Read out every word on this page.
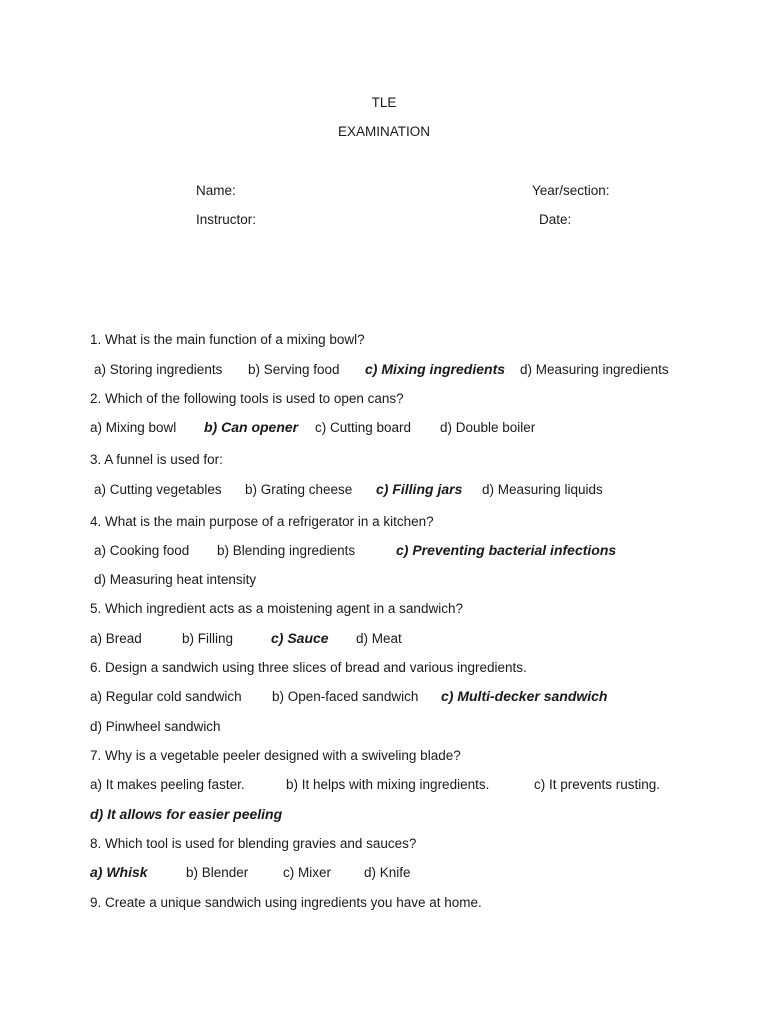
TLE
EXAMINATION
Name:	Year/section:
Instructor:	Date:
1. What is the main function of a mixing bowl?
a) Storing ingredients b) Serving food c) Mixing ingredients d) Measuring ingredients
2. Which of the following tools is used to open cans?
a) Mixing bowl b) Can opener c) Cutting board d) Double boiler
3. A funnel is used for:
a) Cutting vegetables b) Grating cheese c) Filling jars d) Measuring liquids
4. What is the main purpose of a refrigerator in a kitchen?
a) Cooking food b) Blending ingredients	c) Preventing bacterial infections
d) Measuring heat intensity
5. Which ingredient acts as a moistening agent in a sandwich?
a) Bread	b) Filling	c) Sauce d) Meat
6. Design a sandwich using three slices of bread and various ingredients.
a) Regular cold sandwich b) Open-faced sandwich c) Multi-decker sandwich
d) Pinwheel sandwich
7. Why is a vegetable peeler designed with a swiveling blade?
a) It makes peeling faster.	b) It helps with mixing ingredients.	c) It prevents rusting.
d) It allows for easier peeling
8. Which tool is used for blending gravies and sauces?
a) Whisk	b) Blender	c) Mixer d) Knife
9. Create a unique sandwich using ingredients you have at home.
